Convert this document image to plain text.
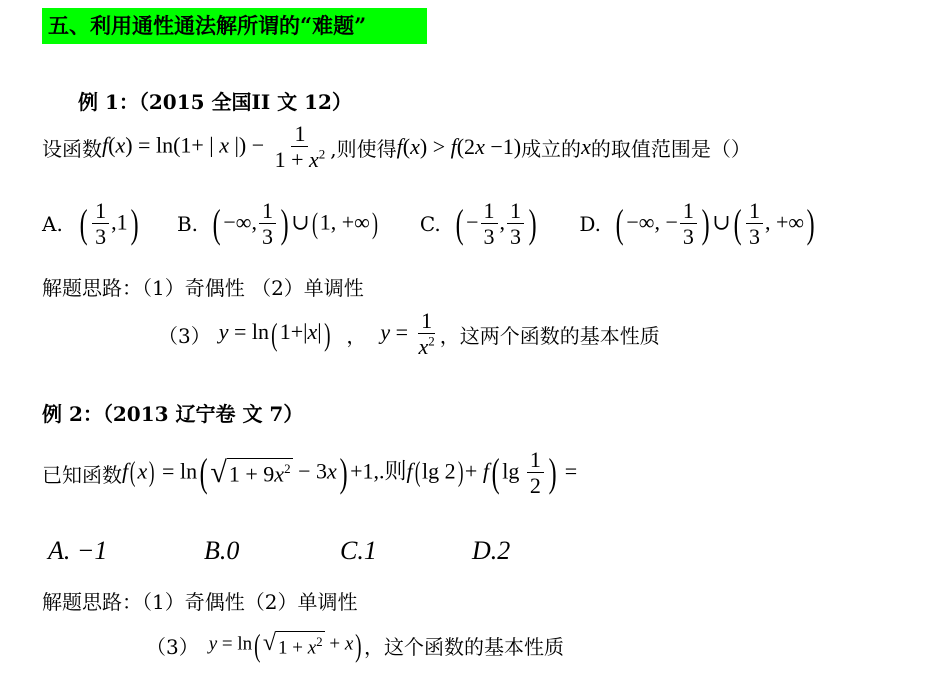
五、利用通性通法解所谓的“难题”
例 1：（2015 全国II 文 12）
设函数 f(x) = ln(1+ | x |) − $\frac{1}{1 + x^2}$ ,则使得 f(x) > f(2x −1) 成立的 x 的取值范围是（）
A. ( $\frac{1}{3} ,1$) B. ( −∞, $\frac{1}{3}$ ) ∪(1, +∞) C. ( − $\frac{1}{3}$ , $\frac{1}{3}$ ) D. ( −∞, − $\frac{1}{3}$ ) ∪( $\frac{1}{3}$ , +∞)
解题思路：（1）奇偶性 （2）单调性
（3） y = ln(1+|x|) ， $y = \frac{1}{x^2}$ ，这两个函数的基本性质
例 2：（2013 辽宁卷 文 7）
已知函数 f(x) = ln( √ $1 + 9x^2 - 3x) +1$,.则f(lg 2)+ f( $\lg \frac{1}{2}$ ) =
A. −1	B.0	C.1	D.2
解题思路：（1）奇偶性（2）单调性
（3） y = ln( √ $1 + x^2 + x$) ，这个函数的基本性质
